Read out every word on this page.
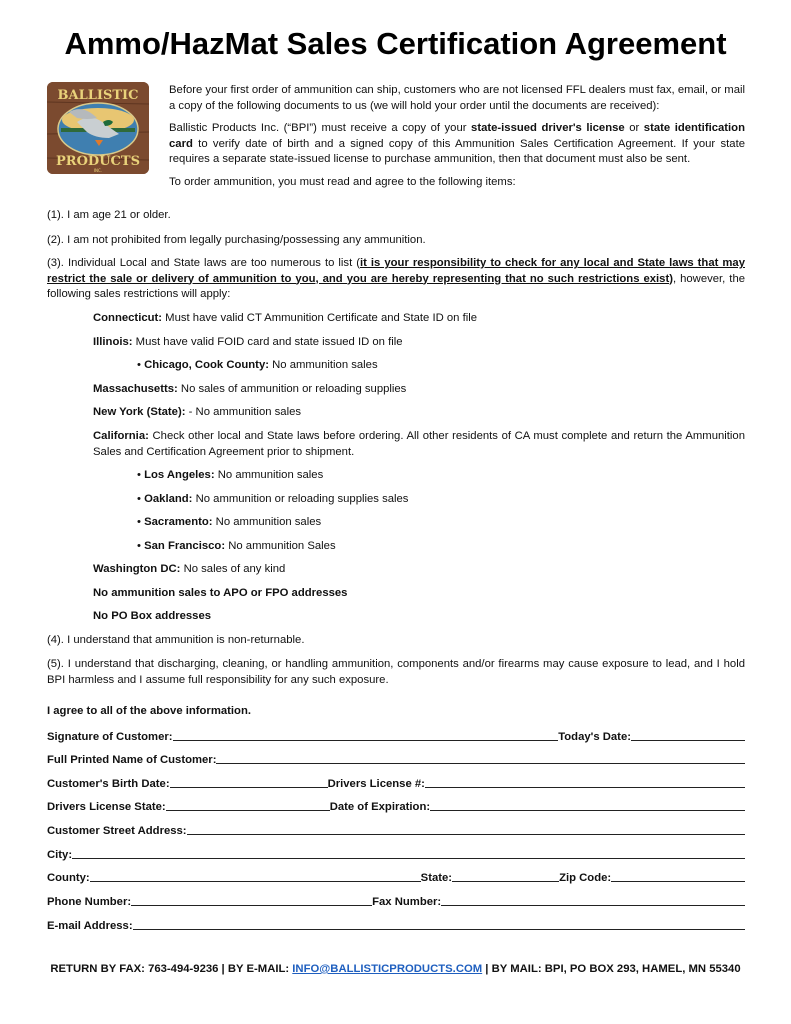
Ammo/HazMat Sales Certification Agreement
BALLISTIC
PRODUCTS
INC.

Before your first order of ammunition can ship, customers who are not licensed FFL dealers must fax, email, or mail a copy of the following documents to us (we will hold your order until the documents are received):

Ballistic Products Inc. (“BPI”) must receive a copy of your state-issued driver's license or state identification card to verify date of birth and a signed copy of this Ammunition Sales Certification Agreement. If your state requires a separate state-issued license to purchase ammunition, then that document must also be sent.

To order ammunition, you must read and agree to the following items:

(1). I am age 21 or older.

(2). I am not prohibited from legally purchasing/possessing any ammunition.

(3). Individual Local and State laws are too numerous to list (it is your responsibility to check for any local and State laws that may restrict the sale or delivery of ammunition to you, and you are hereby representing that no such restrictions exist), however, the following sales restrictions will apply:

Connecticut: Must have valid CT Ammunition Certificate and State ID on file

Illinois: Must have valid FOID card and state issued ID on file

• Chicago, Cook County: No ammunition sales

Massachusetts: No sales of ammunition or reloading supplies

New York (State): - No ammunition sales

California: Check other local and State laws before ordering. All other residents of CA must complete and return the Ammunition Sales and Certification Agreement prior to shipment.

• Los Angeles: No ammunition sales

• Oakland: No ammunition or reloading supplies sales

• Sacramento: No ammunition sales

• San Francisco: No ammunition Sales

Washington DC: No sales of any kind

No ammunition sales to APO or FPO addresses

No PO Box addresses

(4). I understand that ammunition is non-returnable.

(5). I understand that discharging, cleaning, or handling ammunition, components and/or firearms may cause exposure to lead, and I hold BPI harmless and I assume full responsibility for any such exposure.

I agree to all of the above information.

Signature of Customer:	Today's Date:
Full Printed Name of Customer:
Customer's Birth Date:	Drivers License #:
Drivers License State:	Date of Expiration:
Customer Street Address:
City:
County:	State:	Zip Code:
Phone Number:	Fax Number:
E-mail Address:
RETURN BY FAX: 763-494-9236 | BY E-MAIL: INFO@BALLISTICPRODUCTS.COM | BY MAIL: BPI, PO BOX 293, HAMEL, MN 55340
